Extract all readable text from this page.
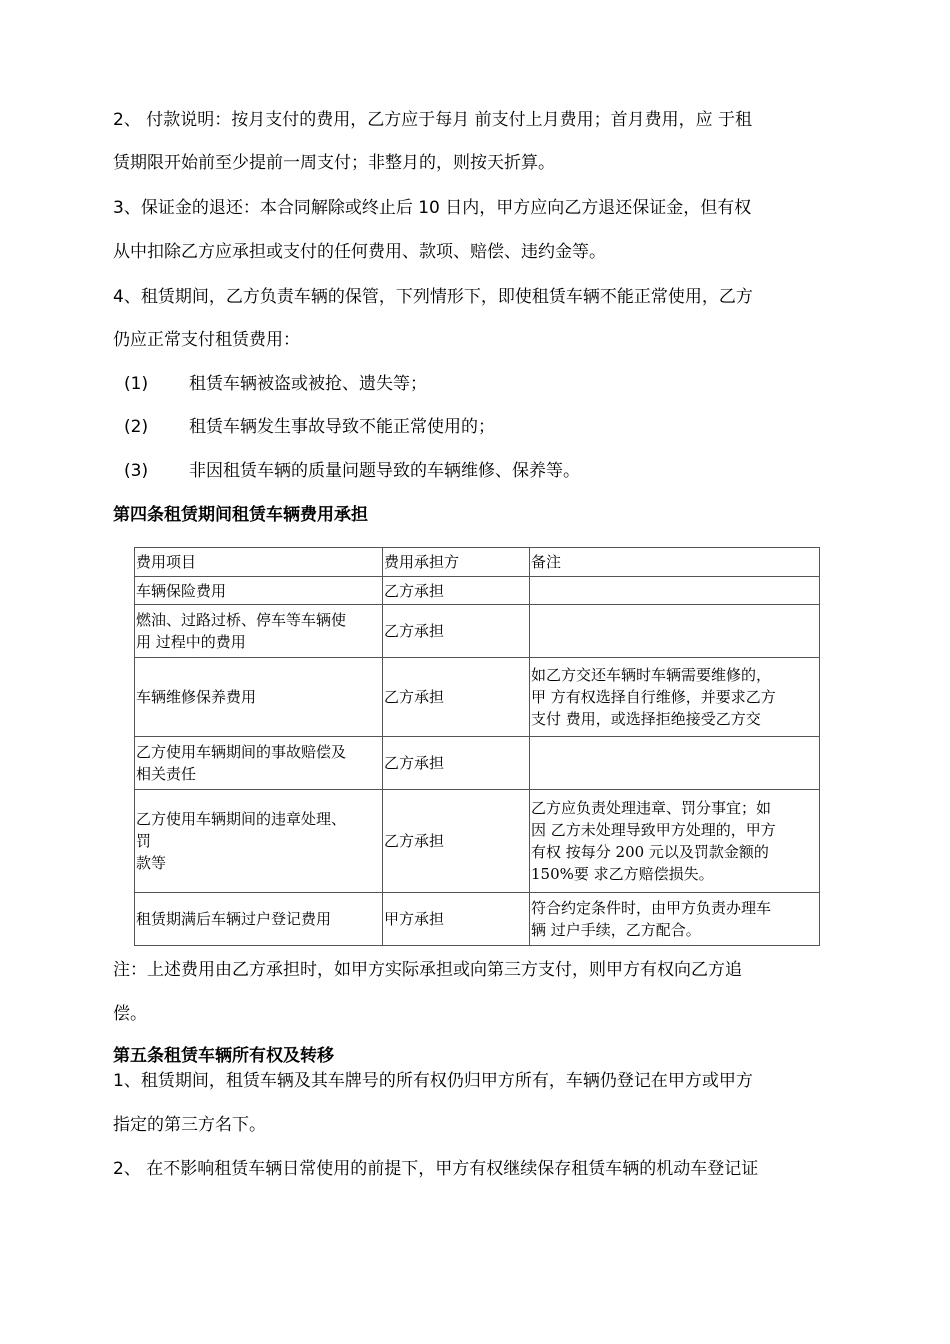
2、 付款说明：按月支付的费用，乙方应于每月 前支付上月费用；首月费用，应 于租
赁期限开始前至少提前一周支付；非整月的，则按天折算。
3、保证金的退还：本合同解除或终止后 10 日内，甲方应向乙方退还保证金，但有权
从中扣除乙方应承担或支付的任何费用、款项、赔偿、违约金等。
4、租赁期间，乙方负责车辆的保管，下列情形下，即使租赁车辆不能正常使用，乙方
仍应正常支付租赁费用：
(1) 租赁车辆被盗或被抢、遗失等；
(2) 租赁车辆发生事故导致不能正常使用的；
(3) 非因租赁车辆的质量问题导致的车辆维修、保养等。
第四条租赁期间租赁车辆费用承担
费用项目	费用承担方	备注

车辆保险费用	乙方承担	

燃油、过路过桥、停车等车辆使
用 过程中的费用	乙方承担	

车辆维修保养费用	乙方承担	如乙方交还车辆时车辆需要维修的，
甲 方有权选择自行维修，并要求乙方
支付 费用，或选择拒绝接受乙方交

乙方使用车辆期间的事故赔偿及
相关责任	乙方承担	

乙方使用车辆期间的违章处理、
罚
款等	乙方承担	乙方应负责处理违章、罚分事宜；如
因 乙方未处理导致甲方处理的，甲方
有权 按每分 200 元以及罚款金额的
150%要 求乙方赔偿损失。

租赁期满后车辆过户登记费用	甲方承担	符合约定条件时，由甲方负责办理车
辆 过户手续，乙方配合。
注：上述费用由乙方承担时，如甲方实际承担或向第三方支付，则甲方有权向乙方追
偿。
第五条租赁车辆所有权及转移
1、租赁期间，租赁车辆及其车牌号的所有权仍归甲方所有，车辆仍登记在甲方或甲方
指定的第三方名下。
2、 在不影响租赁车辆日常使用的前提下，甲方有权继续保存租赁车辆的机动车登记证
